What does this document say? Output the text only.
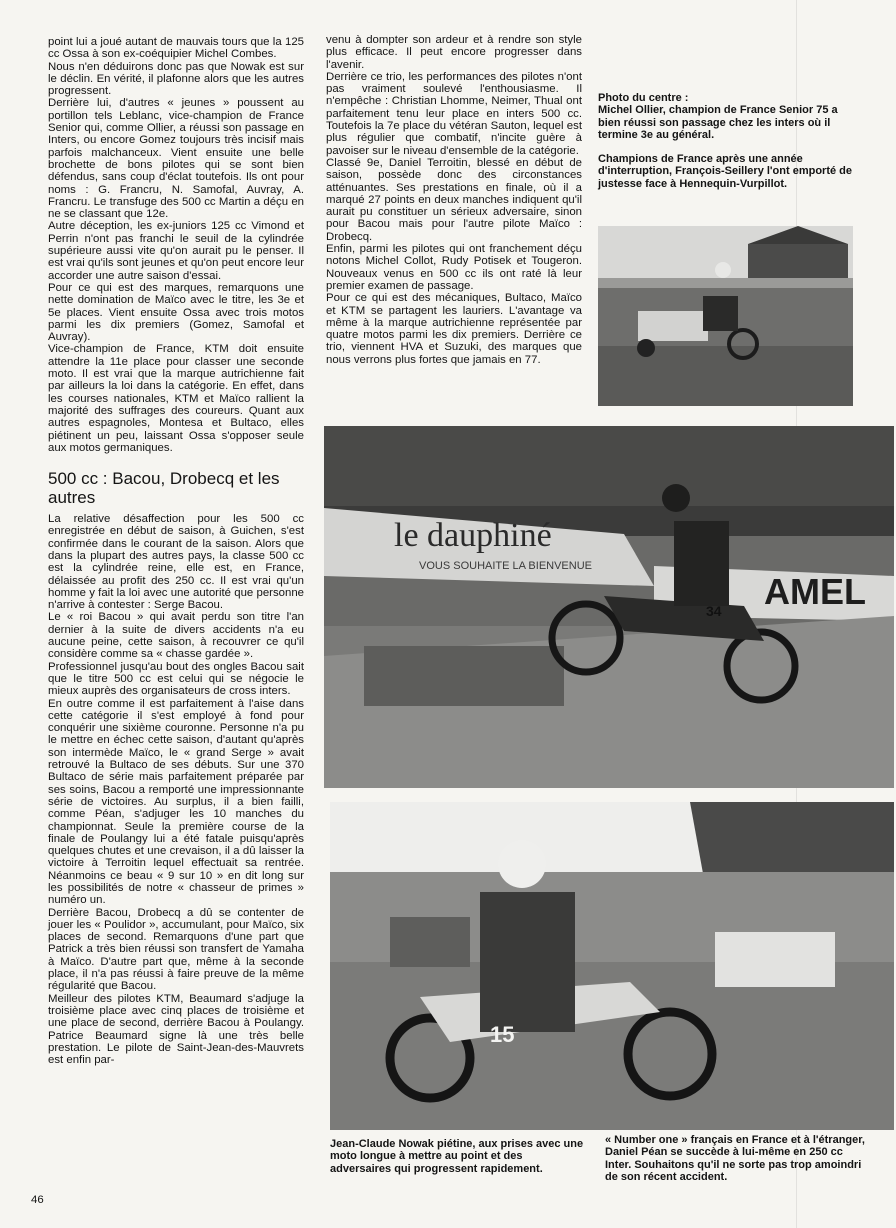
point lui a joué autant de mauvais tours que la 125 cc Ossa à son ex-coéquipier Michel Combes.

Nous n'en déduirons donc pas que Nowak est sur le déclin. En vérité, il plafonne alors que les autres progressent.

Derrière lui, d'autres « jeunes » poussent au portillon tels Leblanc, vice-champion de France Senior qui, comme Ollier, a réussi son passage en Inters, ou encore Gomez toujours très incisif mais parfois malchanceux. Vient ensuite une belle brochette de bons pilotes qui se sont bien défendus, sans coup d'éclat toutefois. Ils ont pour noms : G. Francru, N. Samofal, Auvray, A. Francru. Le transfuge des 500 cc Martin a déçu en ne se classant que 12e.

Autre déception, les ex-juniors 125 cc Vimond et Perrin n'ont pas franchi le seuil de la cylindrée supérieure aussi vite qu'on aurait pu le penser. Il est vrai qu'ils sont jeunes et qu'on peut encore leur accorder une autre saison d'essai.

Pour ce qui est des marques, remarquons une nette domination de Maïco avec le titre, les 3e et 5e places. Vient ensuite Ossa avec trois motos parmi les dix premiers (Gomez, Samofal et Auvray).

Vice-champion de France, KTM doit ensuite attendre la 11e place pour classer une seconde moto. Il est vrai que la marque autrichienne fait par ailleurs la loi dans la catégorie. En effet, dans les courses nationales, KTM et Maïco rallient la majorité des suffrages des coureurs. Quant aux autres espagnoles, Montesa et Bultaco, elles piétinent un peu, laissant Ossa s'opposer seule aux motos germaniques.

500 cc : Bacou, Drobecq et les autres

La relative désaffection pour les 500 cc enregistrée en début de saison, à Guichen, s'est confirmée dans le courant de la saison. Alors que dans la plupart des autres pays, la classe 500 cc est la cylindrée reine, elle est, en France, délaissée au profit des 250 cc. Il est vrai qu'un homme y fait la loi avec une autorité que personne n'arrive à contester : Serge Bacou.

Le « roi Bacou » qui avait perdu son titre l'an dernier à la suite de divers accidents n'a eu aucune peine, cette saison, à recouvrer ce qu'il considère comme sa « chasse gardée ».

Professionnel jusqu'au bout des ongles Bacou sait que le titre 500 cc est celui qui se négocie le mieux auprès des organisateurs de cross inters.

En outre comme il est parfaitement à l'aise dans cette catégorie il s'est employé à fond pour conquérir une sixième couronne. Personne n'a pu le mettre en échec cette saison, d'autant qu'après son intermède Maïco, le « grand Serge » avait retrouvé la Bultaco de ses débuts. Sur une 370 Bultaco de série mais parfaitement préparée par ses soins, Bacou a remporté une impressionnante série de victoires. Au surplus, il a bien failli, comme Péan, s'adjuger les 10 manches du championnat. Seule la première course de la finale de Poulangy lui a été fatale puisqu'après quelques chutes et une crevaison, il a dû laisser la victoire à Terroitin lequel effectuait sa rentrée. Néanmoins ce beau « 9 sur 10 » en dit long sur les possibilités de notre « chasseur de primes » numéro un.

Derrière Bacou, Drobecq a dû se contenter de jouer les « Poulidor », accumulant, pour Maïco, six places de second. Remarquons d'une part que Patrick a très bien réussi son transfert de Yamaha à Maïco. D'autre part que, même à la seconde place, il n'a pas réussi à faire preuve de la même régularité que Bacou.

Meilleur des pilotes KTM, Beaumard s'adjuge la troisième place avec cinq places de troisième et une place de second, derrière Bacou à Poulangy. Patrice Beaumard signe là une très belle prestation. Le pilote de Saint-Jean-des-Mauvrets est enfin par-

46

venu à dompter son ardeur et à rendre son style plus efficace. Il peut encore progresser dans l'avenir.

Derrière ce trio, les performances des pilotes n'ont pas vraiment soulevé l'enthousiasme. Il n'empêche : Christian Lhomme, Neimer, Thual ont parfaitement tenu leur place en inters 500 cc. Toutefois la 7e place du vétéran Sauton, lequel est plus régulier que combatif, n'incite guère à pavoiser sur le niveau d'ensemble de la catégorie.

Classé 9e, Daniel Terroitin, blessé en début de saison, possède donc des circonstances atténuantes. Ses prestations en finale, où il a marqué 27 points en deux manches indiquent qu'il aurait pu constituer un sérieux adversaire, sinon pour Bacou mais pour l'autre pilote Maïco : Drobecq.

Enfin, parmi les pilotes qui ont franchement déçu notons Michel Collot, Rudy Potisek et Tougeron. Nouveaux venus en 500 cc ils ont raté là leur premier examen de passage.

Pour ce qui est des mécaniques, Bultaco, Maïco et KTM se partagent les lauriers. L'avantage va même à la marque autrichienne représentée par quatre motos parmi les dix premiers. Derrière ce trio, viennent HVA et Suzuki, des marques que nous verrons plus fortes que jamais en 77.

Photo du centre :

Michel Ollier, champion de France Senior 75 a bien réussi son passage chez les inters où il termine 3e au général.

Champions de France après une année d'interruption, François-Seillery l'ont emporté de justesse face à Hennequin-Vurpillot.

le dauphiné
VOUS SOUHAITE LA BIENVENUE
AMEL
34
15
Jean-Claude Nowak piétine, aux prises avec une moto longue à mettre au point et des adversaires qui progressent rapidement.
« Number one » français en France et à l'étranger, Daniel Péan se succède à lui-même en 250 cc Inter. Souhaitons qu'il ne sorte pas trop amoindri de son récent accident.
